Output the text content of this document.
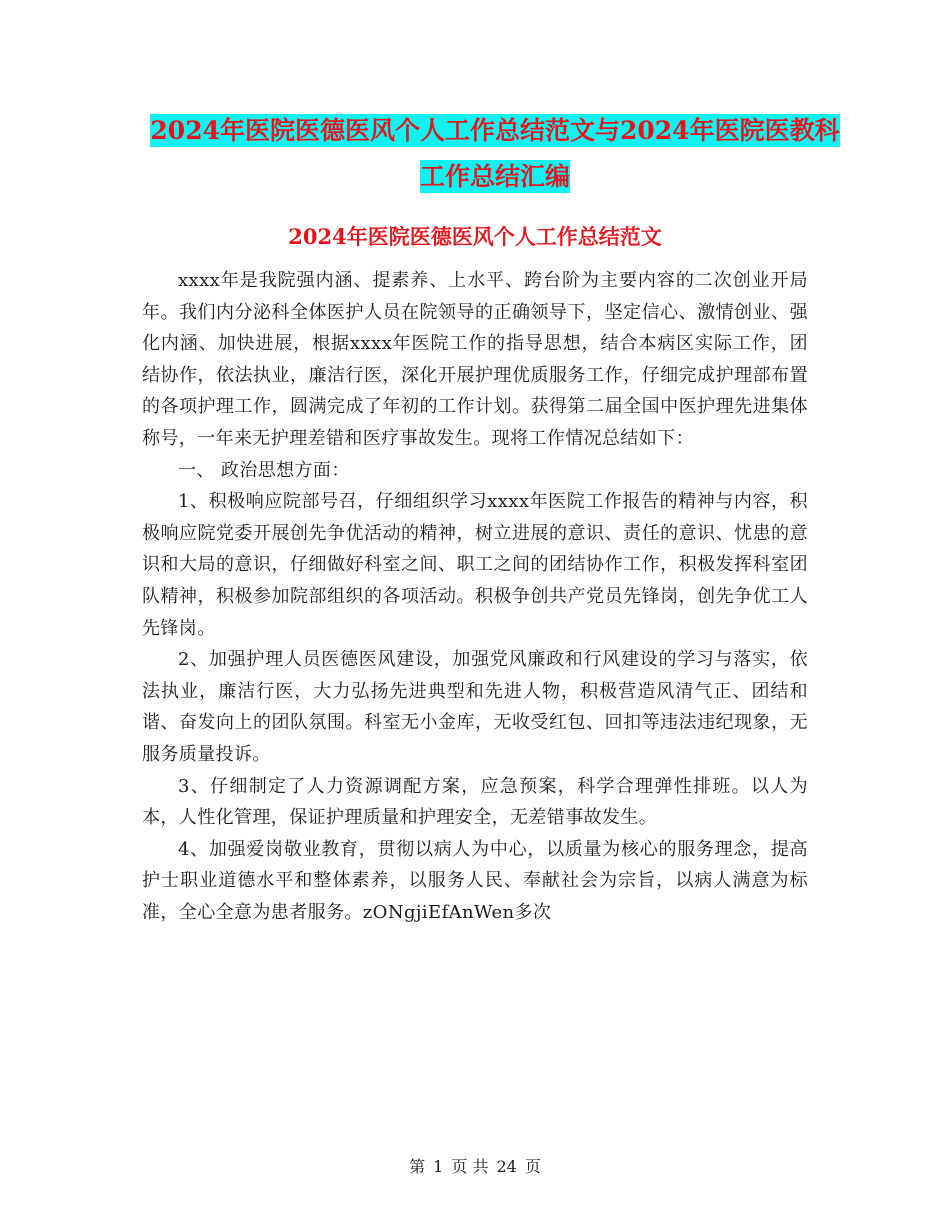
2024年医院医德医风个人工作总结范文与2024年医院医教科工作总结汇编
2024年医院医德医风个人工作总结范文

xxxx年是我院强内涵、提素养、上水平、跨台阶为主要内容的二次创业开局年。我们内分泌科全体医护人员在院领导的正确领导下，坚定信心、激情创业、强化内涵、加快进展，根据xxxx年医院工作的指导思想，结合本病区实际工作，团结协作，依法执业，廉洁行医，深化开展护理优质服务工作，仔细完成护理部布置的各项护理工作，圆满完成了年初的工作计划。获得第二届全国中医护理先进集体称号，一年来无护理差错和医疗事故发生。现将工作情况总结如下：

一、 政治思想方面：

1、积极响应院部号召，仔细组织学习xxxx年医院工作报告的精神与内容，积极响应院党委开展创先争优活动的精神，树立进展的意识、责任的意识、忧患的意识和大局的意识，仔细做好科室之间、职工之间的团结协作工作，积极发挥科室团队精神，积极参加院部组织的各项活动。积极争创共产党员先锋岗，创先争优工人先锋岗。

2、加强护理人员医德医风建设，加强党风廉政和行风建设的学习与落实，依法执业，廉洁行医，大力弘扬先进典型和先进人物，积极营造风清气正、团结和谐、奋发向上的团队氛围。科室无小金库，无收受红包、回扣等违法违纪现象，无服务质量投诉。

3、仔细制定了人力资源调配方案，应急预案，科学合理弹性排班。以人为本，人性化管理，保证护理质量和护理安全，无差错事故发生。

4、加强爱岗敬业教育，贯彻以病人为中心，以质量为核心的服务理念，提高护士职业道德水平和整体素养，以服务人民、奉献社会为宗旨，以病人满意为标准，全心全意为患者服务。zONgjiEfAnWen多次

第 1 页 共 24 页
